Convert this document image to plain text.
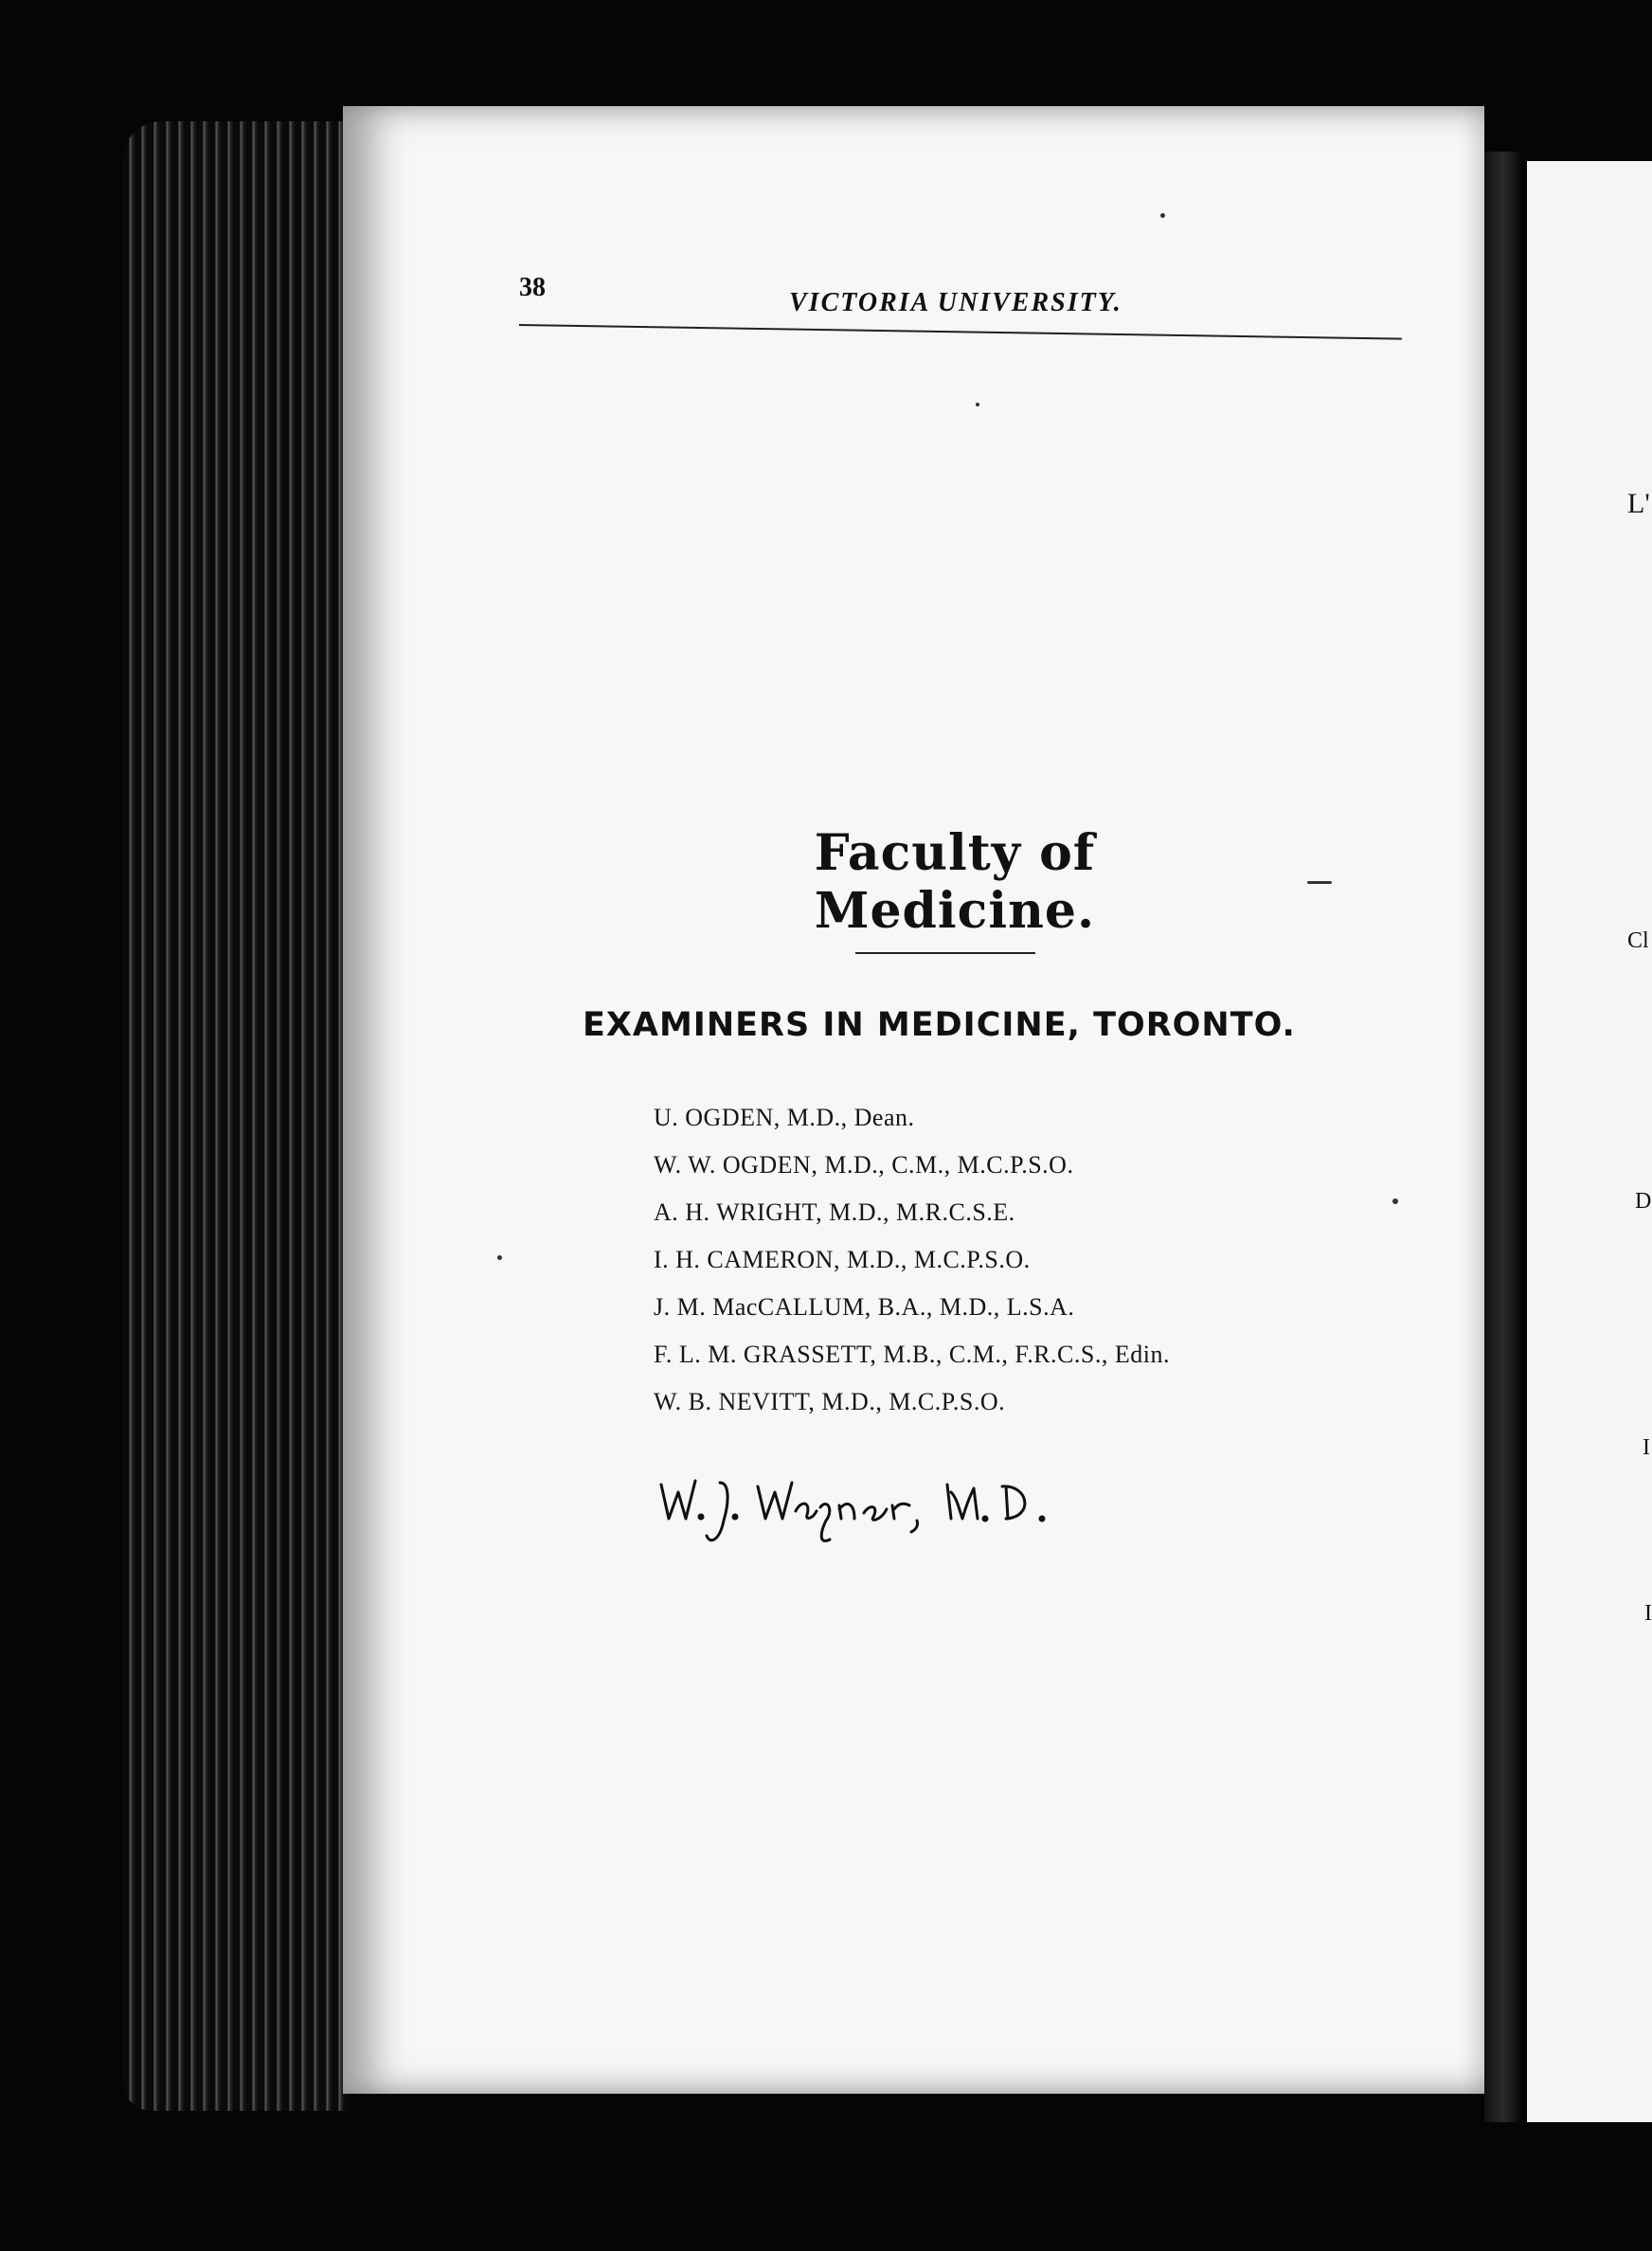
L'
Cl
D
I
I
38
VICTORIA UNIVERSITY.
Faculty of Medicine.
EXAMINERS IN MEDICINE, TORONTO.
U. OGDEN, M.D., Dean.
W. W. OGDEN, M.D., C.M., M.C.P.S.O.
A. H. WRIGHT, M.D., M.R.C.S.E.
I. H. CAMERON, M.D., M.C.P.S.O.
J. M. MacCALLUM, B.A., M.D., L.S.A.
F. L. M. GRASSETT, M.B., C.M., F.R.C.S., Edin.
W. B. NEVITT, M.D., M.C.P.S.O.
